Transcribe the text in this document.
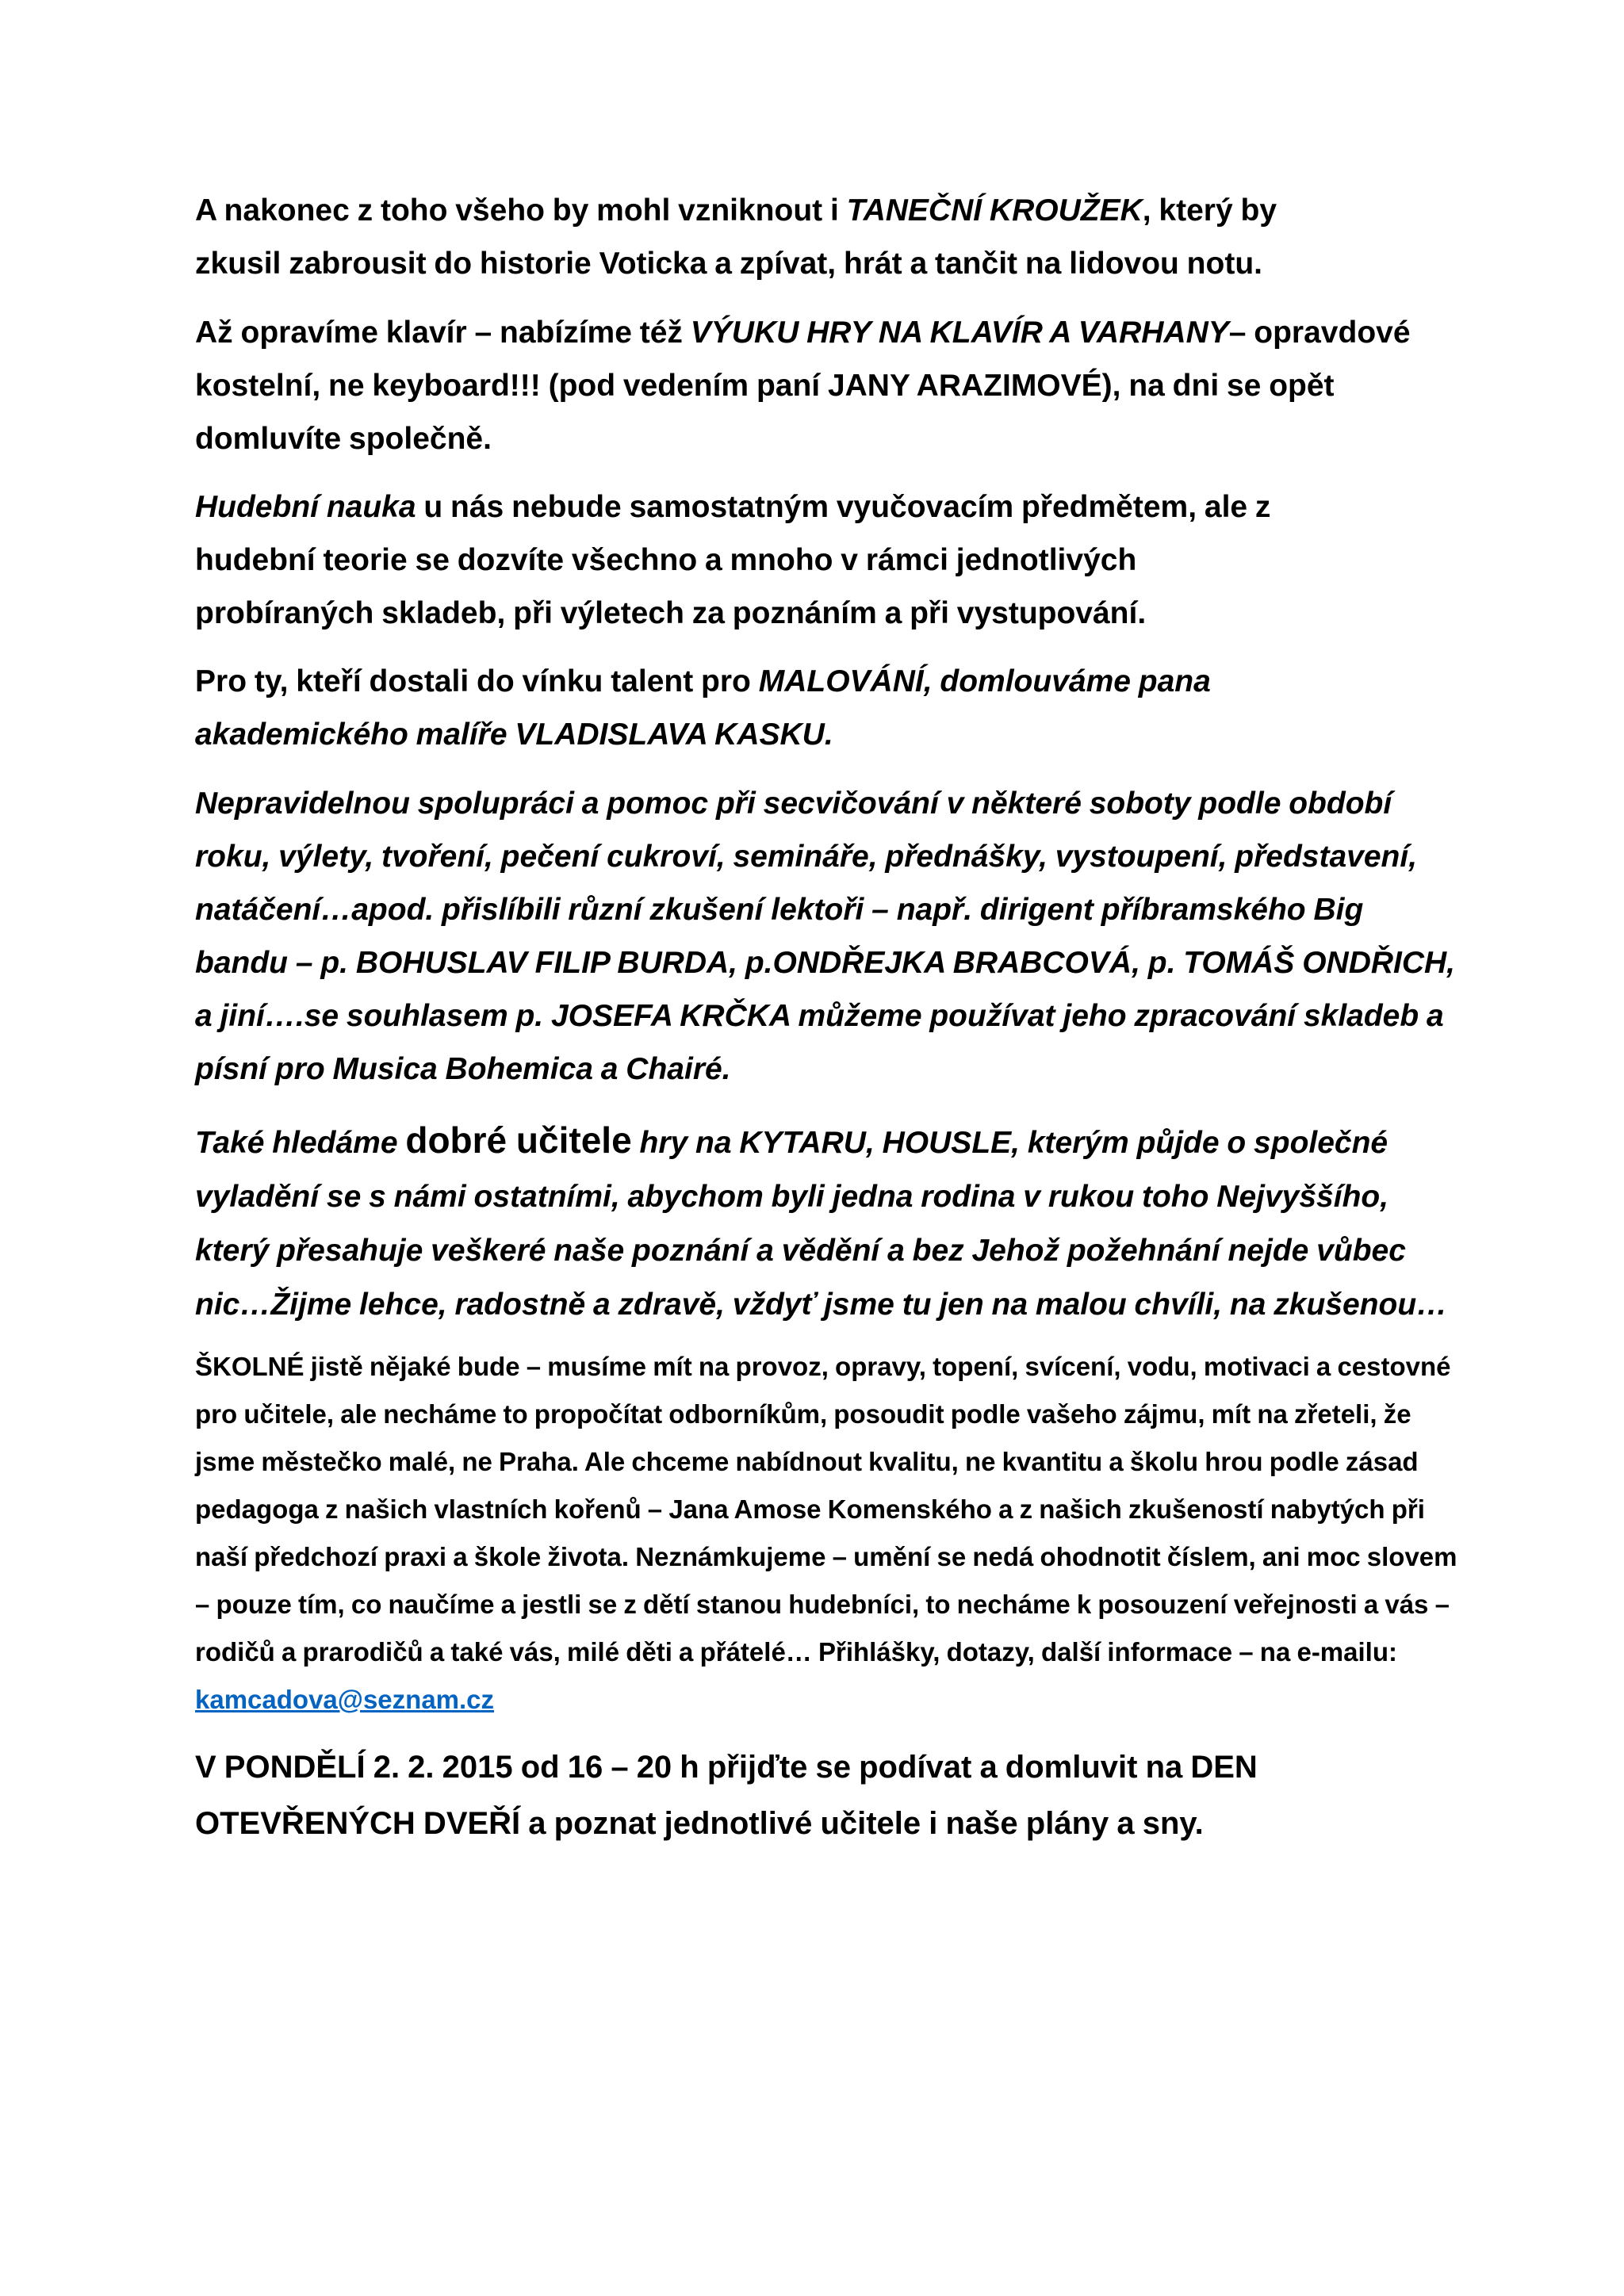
A nakonec z toho všeho by mohl vzniknout i TANEČNÍ KROUŽEK, který by zkusil zabrousit do historie Voticka a zpívat, hrát a tančit na lidovou notu.

Až opravíme klavír – nabízíme též VÝUKU HRY NA KLAVÍR A VARHANY– opravdové kostelní, ne keyboard!!! (pod vedením paní JANY ARAZIMOVÉ), na dni se opět domluvíte společně.

Hudební nauka u nás nebude samostatným vyučovacím předmětem, ale z hudební teorie se dozvíte všechno a mnoho v rámci jednotlivých probíraných skladeb, při výletech za poznáním a při vystupování.

Pro ty, kteří dostali do vínku talent pro MALOVÁNÍ, domlouváme pana akademického malíře VLADISLAVA KASKU.

Nepravidelnou spolupráci a pomoc při secvičování v některé soboty podle období roku, výlety, tvoření, pečení cukroví, semináře, přednášky, vystoupení, představení, natáčení…apod. přislíbili různí zkušení lektoři – např. dirigent příbramského Big bandu – p. BOHUSLAV FILIP BURDA, p.ONDŘEJKA BRABCOVÁ, p. TOMÁŠ ONDŘICH, a jiní….se souhlasem p. JOSEFA KRČKA můžeme používat jeho zpracování skladeb a písní pro Musica Bohemica a Chairé.

Také hledáme dobré učitele hry na KYTARU, HOUSLE, kterým půjde o společné vyladění se s námi ostatními, abychom byli jedna rodina v rukou toho Nejvyššího, který přesahuje veškeré naše poznání a vědění a bez Jehož požehnání nejde vůbec nic…Žijme lehce, radostně a zdravě, vždyť jsme tu jen na malou chvíli, na zkušenou…

ŠKOLNÉ jistě nějaké bude – musíme mít na provoz, opravy, topení, svícení, vodu, motivaci a cestovné pro učitele, ale necháme to propočítat odborníkům, posoudit podle vašeho zájmu, mít na zřeteli, že jsme městečko malé, ne Praha. Ale chceme nabídnout kvalitu, ne kvantitu a školu hrou podle zásad pedagoga z našich vlastních kořenů – Jana Amose Komenského a z našich zkušeností nabytých při naší předchozí praxi a škole života. Neznámkujeme – umění se nedá ohodnotit číslem, ani moc slovem – pouze tím, co naučíme a jestli se z dětí stanou hudebníci, to necháme k posouzení veřejnosti a vás – rodičů a prarodičů a také vás, milé děti a přátelé… Přihlášky, dotazy, další informace – na e-mailu: kamcadova@seznam.cz

V PONDĚLÍ 2. 2. 2015 od 16 – 20 h přijďte se podívat a domluvit na DEN OTEVŘENÝCH DVEŘÍ a poznat jednotlivé učitele i naše plány a sny.
